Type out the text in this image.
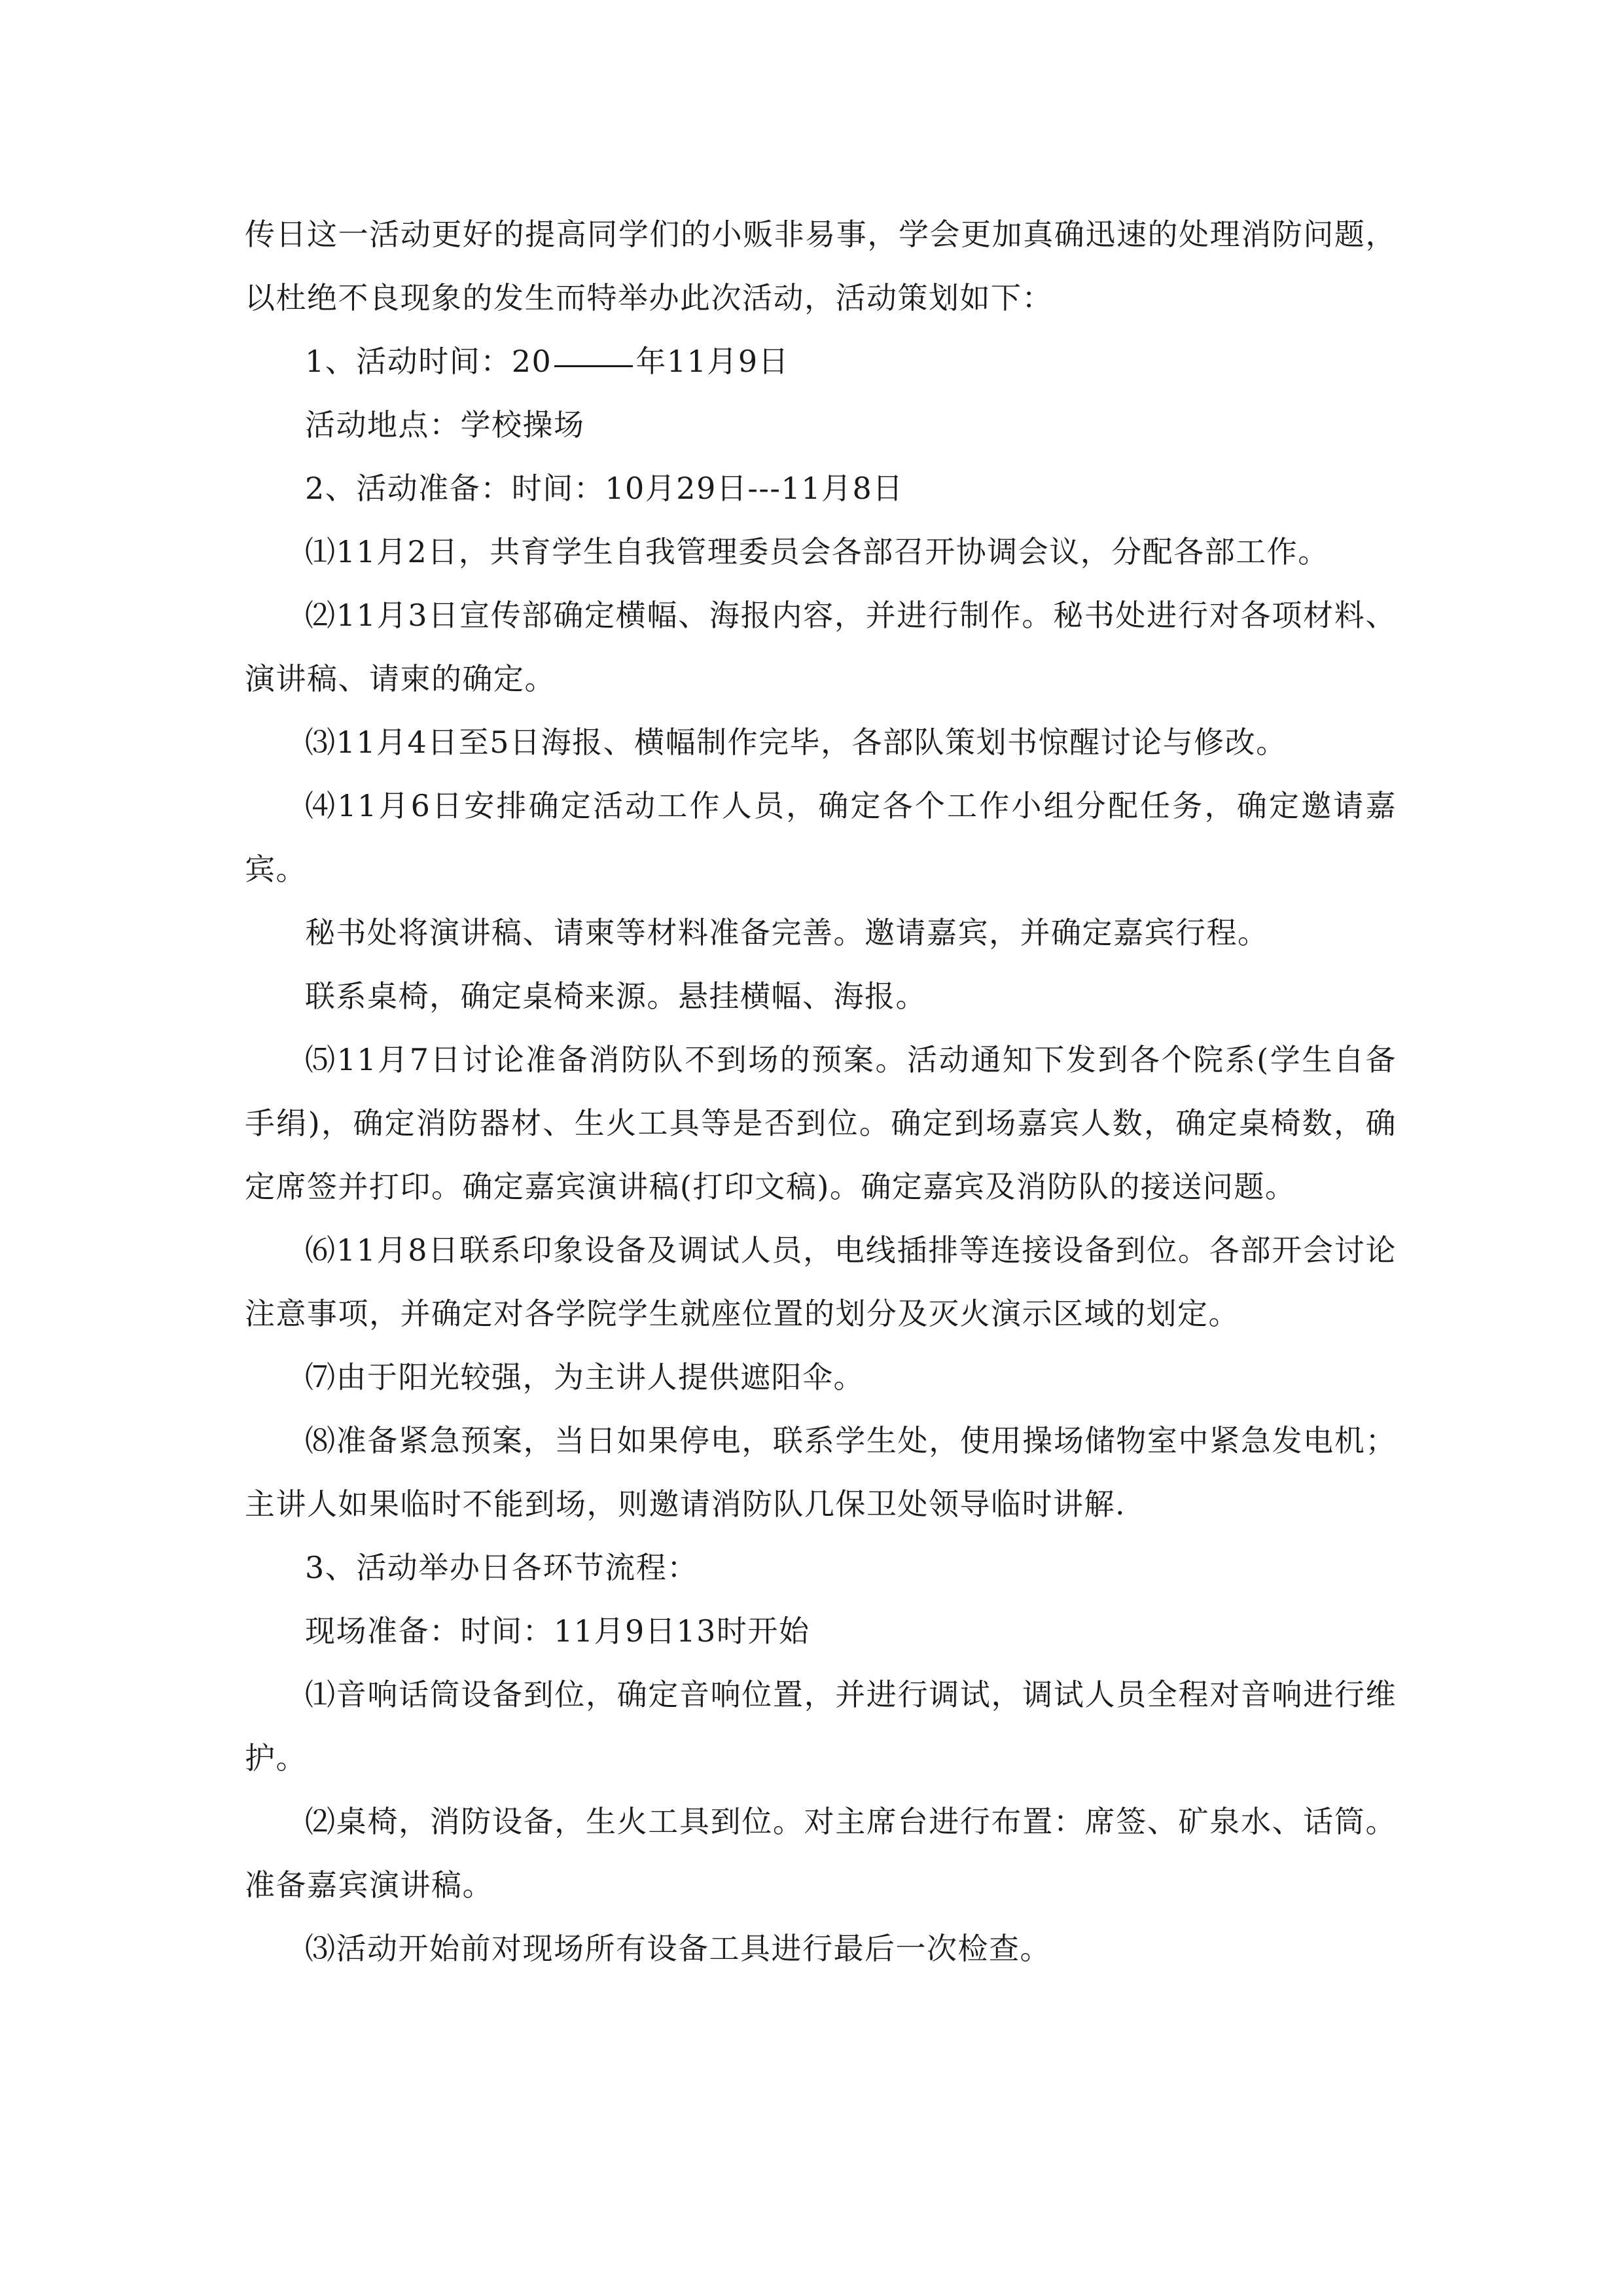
传日这一活动更好的提高同学们的小贩非易事，学会更加真确迅速的处理消防问题，以杜绝不良现象的发生而特举办此次活动，活动策划如下：

1、活动时间：20	年11月9日

活动地点：学校操场

2、活动准备：时间：10月29日---11月8日

⑴11月2日，共育学生自我管理委员会各部召开协调会议，分配各部工作。

⑵11月3日宣传部确定横幅、海报内容，并进行制作。秘书处进行对各项材料、演讲稿、请柬的确定。

⑶11月4日至5日海报、横幅制作完毕，各部队策划书惊醒讨论与修改。

⑷11月6日安排确定活动工作人员，确定各个工作小组分配任务，确定邀请嘉宾。

秘书处将演讲稿、请柬等材料准备完善。邀请嘉宾，并确定嘉宾行程。

联系桌椅，确定桌椅来源。悬挂横幅、海报。

⑸11月7日讨论准备消防队不到场的预案。活动通知下发到各个院系(学生自备手绢)，确定消防器材、生火工具等是否到位。确定到场嘉宾人数，确定桌椅数，确定席签并打印。确定嘉宾演讲稿(打印文稿)。确定嘉宾及消防队的接送问题。

⑹11月8日联系印象设备及调试人员，电线插排等连接设备到位。各部开会讨论注意事项，并确定对各学院学生就座位置的划分及灭火演示区域的划定。

⑺由于阳光较强，为主讲人提供遮阳伞。

⑻准备紧急预案，当日如果停电，联系学生处，使用操场储物室中紧急发电机；主讲人如果临时不能到场，则邀请消防队几保卫处领导临时讲解.

3、活动举办日各环节流程：

现场准备：时间：11月9日13时开始

⑴音响话筒设备到位，确定音响位置，并进行调试，调试人员全程对音响进行维护。

⑵桌椅，消防设备，生火工具到位。对主席台进行布置：席签、矿泉水、话筒。准备嘉宾演讲稿。

⑶活动开始前对现场所有设备工具进行最后一次检查。
